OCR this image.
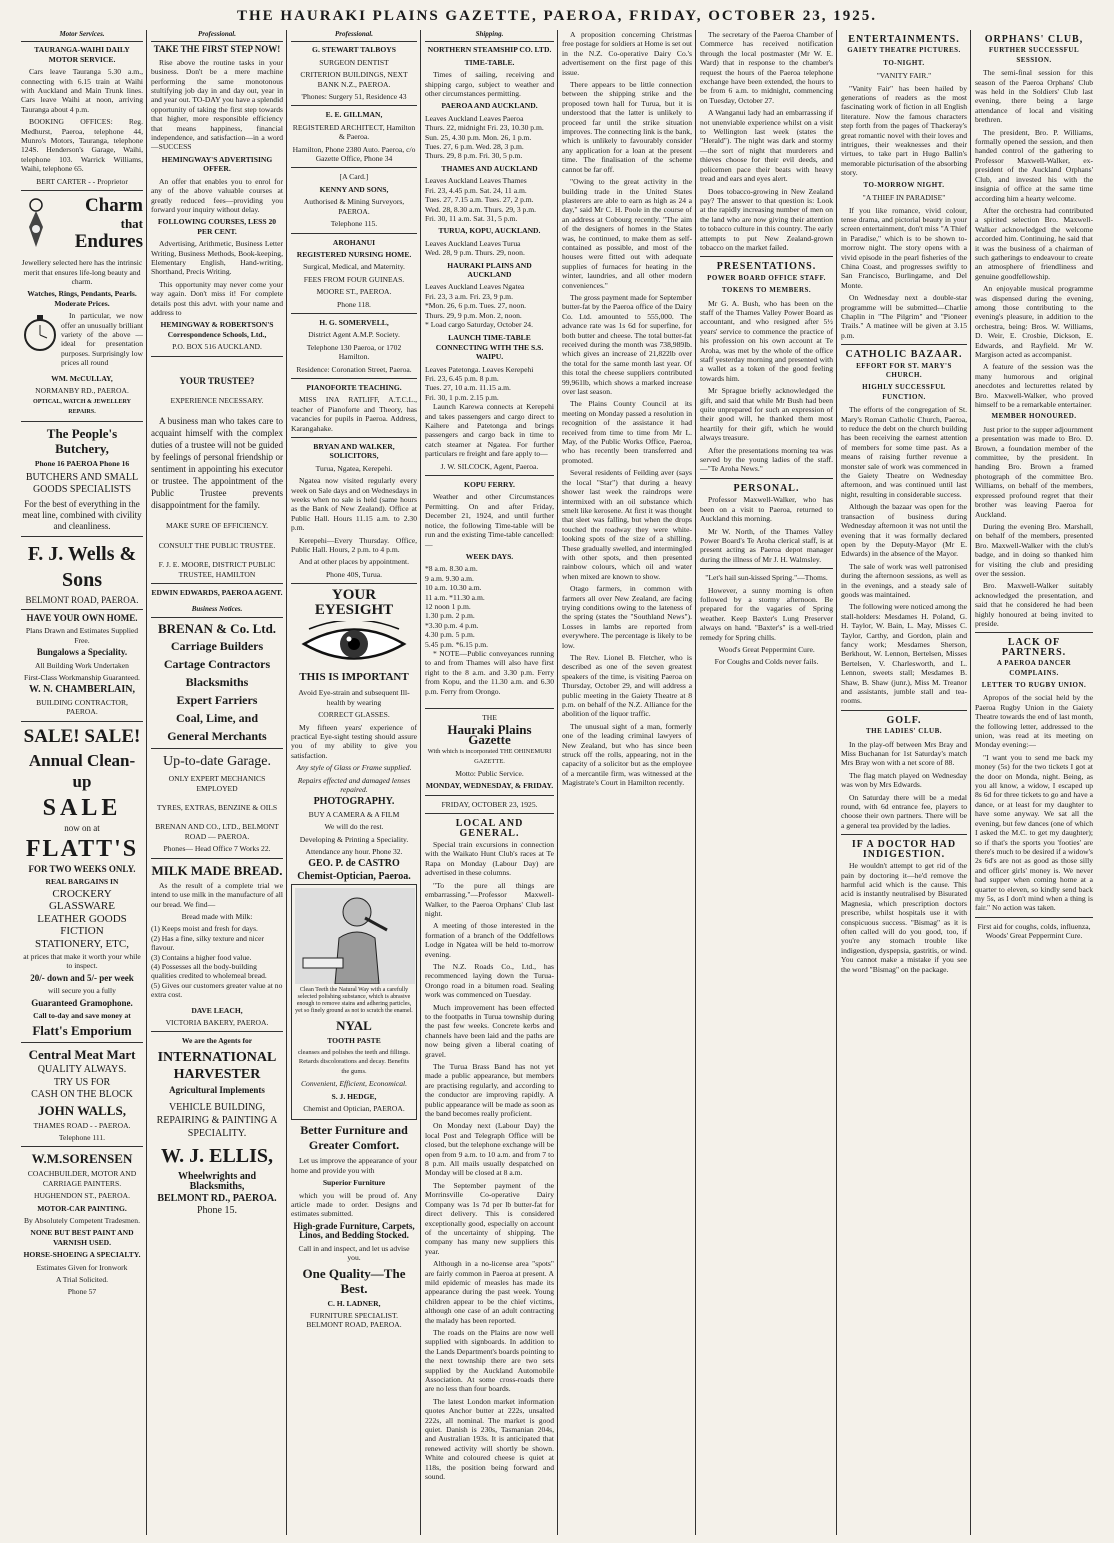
THE HAURAKI PLAINS GAZETTE, PAEROA, FRIDAY, OCTOBER 23, 1925.
Motor Services.
TAURANGA-WAIHI DAILY MOTOR SERVICE.

Cars leave Tauranga 5.30 a.m., connecting with 6.15 train at Waihi with Auckland and Main Trunk lines. Cars leave Waihi at noon, arriving Tauranga about 4 p.m.

BOOKING OFFICES: Reg. Medhurst, Paeroa, telephone 44, Munro's Motors, Tauranga, telephone 124S. Henderson's Garage, Waihi, telephone 103. Warrick Williams, Waihi, telephone 65.

BERT CARTER - - Proprietor
Charm
that
Endures
Jewellery selected here has the intrinsic merit that ensures life-long beauty and charm.
Watches, Rings, Pendants, Pearls. Moderate Prices.

In particular, we now offer an unusually brilliant variety of the above — ideal for presentation purposes. Surprisingly low prices all round

WM. McCULLAY,
NORMANBY RD., PAEROA.
OPTICAL, WATCH & JEWELLERY REPAIRS.
The People's Butchery,
Phone 16 PAEROA Phone 16
BUTCHERS AND SMALL GOODS SPECIALISTS
For the best of everything in the meat line, combined with civility and cleanliness.
F. J. Wells & Sons
BELMONT ROAD, PAEROA.
HAVE YOUR OWN HOME.
Plans Drawn and Estimates Supplied Free.
Bungalows a Speciality.
All Building Work Undertaken
First-Class Workmanship Guaranteed.
W. N. CHAMBERLAIN,
BUILDING CONTRACTOR, PAEROA.
SALE! SALE!
Annual Clean-up
SALE
now on at
FLATT'S
FOR TWO WEEKS ONLY.
REAL BARGAINS IN
CROCKERY
GLASSWARE
LEATHER GOODS
FICTION
STATIONERY, ETC,
at prices that make it worth your while to inspect.
20/- down and 5/- per week
will secure you a fully
Guaranteed Gramophone.
Call to-day and save money at
Flatt's Emporium
Central Meat Mart
QUALITY ALWAYS.
TRY US FOR
CASH ON THE BLOCK
JOHN WALLS,
THAMES ROAD - - PAEROA.
Telephone 111.
W.M.SORENSEN
COACHBUILDER, MOTOR AND CARRIAGE PAINTERS.
HUGHENDON ST., PAEROA.
MOTOR-CAR PAINTING.
By Absolutely Competent Tradesmen.
NONE BUT BEST PAINT AND VARNISH USED.
HORSE-SHOEING A SPECIALTY.
Estimates Given for Ironwork
A Trial Solicited.
Phone 57
Professional.
TAKE THE FIRST STEP NOW!

Rise above the routine tasks in your business. Don't be a mere machine performing the same monotonous stultifying job day in and day out, year in and year out. TO-DAY you have a splendid opportunity of taking the first step towards that higher, more responsible efficiency that means happiness, financial independence, and satisfaction—in a word—SUCCESS

HEMINGWAY'S ADVERTISING OFFER.

An offer that enables you to enrol for any of the above valuable courses at greatly reduced fees—providing you forward your inquiry without delay.

FOLLOWING COURSES, LESS 20 PER CENT.

Advertising, Arithmetic, Business Letter Writing, Business Methods, Book-keeping, Elementary English, Hand-writing, Shorthand, Precis Writing.

This opportunity may never come your way again. Don't miss it! For complete details post this advt. with your name and address to

HEMINGWAY & ROBERTSON'S Correspondence Schools, Ltd.,
P.O. BOX 516 AUCKLAND.
YOUR TRUSTEE?
EXPERIENCE NECESSARY.

A business man who takes care to acquaint himself with the complex duties of a trustee will not be guided by feelings of personal friendship or sentiment in appointing his executor or trustee. The appointment of the Public Trustee prevents disappointment for the family.

MAKE SURE OF EFFICIENCY.
CONSULT THE PUBLIC TRUSTEE.
F. J. E. MOORE, DISTRICT PUBLIC TRUSTEE, HAMILTON
EDWIN EDWARDS, PAEROA AGENT.
Business Notices.
BRENAN & Co. Ltd.
Carriage Builders
Cartage Contractors
Blacksmiths
Expert Farriers
Coal, Lime, and
General Merchants
Up-to-date Garage.
ONLY EXPERT MECHANICS EMPLOYED
TYRES, EXTRAS, BENZINE & OILS
BRENAN AND CO., LTD., BELMONT ROAD — PAEROA.
Phones— Head Office 7 Works 22.
MILK MADE BREAD.

As the result of a complete trial we intend to use milk in the manufacture of all our bread. We find—

Bread made with Milk:
(1) Keeps moist and fresh for days.
(2) Has a fine, silky texture and nicer flavour.
(3) Contains a higher food value.
(4) Possesses all the body-building qualities credited to wholemeal bread.
(5) Gives our customers greater value at no extra cost.
DAVE LEACH,
VICTORIA BAKERY, PAEROA.
We are the Agents for
INTERNATIONAL HARVESTER
Agricultural Implements
VEHICLE BUILDING, REPAIRING & PAINTING A SPECIALITY.
W. J. ELLIS,
Wheelwrights and Blacksmiths,
BELMONT RD., PAEROA.
Phone 15.
Professional.
G. STEWART TALBOYS
SURGEON DENTIST
CRITERION BUILDINGS, NEXT BANK N.Z., PAEROA.
'Phones: Surgery 51, Residence 43
E. E. GILLMAN,
REGISTERED ARCHITECT, Hamilton & Paeroa.
Hamilton, Phone 2380 Auto. Paeroa, c/o Gazette Office, Phone 34
[A Card.]
KENNY AND SONS,
Authorised & Mining Surveyors, PAEROA.
Telephone 115.
AROHANUI
REGISTERED NURSING HOME.
Surgical, Medical, and Maternity.
FEES FROM FOUR GUINEAS.
MOORE ST., PAEROA.
Phone 118.
H. G. SOMERVELL,
District Agent A.M.P. Society.
Telephone 130 Paeroa, or 1702 Hamilton.
Residence: Coronation Street, Paeroa.
PIANOFORTE TEACHING.

MISS INA RATLIFF, A.T.C.L., teacher of Pianoforte and Theory, has vacancies for pupils in Paeroa. Address, Karangahake.

BRYAN AND WALKER, SOLICITORS,
Turua, Ngatea, Kerepehi.

Ngatea now visited regularly every week on Sale days and on Wednesdays in weeks when no sale is held (same hours as the Bank of New Zealand). Office at Public Hall. Hours 11.15 a.m. to 2.30 p.m.

Kerepehi—Every Thursday. Office, Public Hall. Hours, 2 p.m. to 4 p.m.

And at other places by appointment.
Phone 40S, Turua.
YOUR EYESIGHT
THIS IS IMPORTANT
Avoid Eye-strain and subsequent Ill-health by wearing
CORRECT GLASSES.

My fifteen years' experience of practical Eye-sight testing should assure you of my ability to give you satisfaction.

Any style of Glass or Frame supplied.
Repairs effected and damaged lenses repaired.
PHOTOGRAPHY.
BUY A CAMERA & A FILM
We will do the rest.
Developing & Printing a Speciality.
Attendance any hour. Phone 32.
GEO. P. de CASTRO
Chemist-Optician, Paeroa.
Clean Teeth the Natural Way with a carefully selected polishing substance, which is abrasive enough to remove stains and adhering particles, yet so finely ground as not to scratch the enamel.
NYAL
TOOTH PASTE
cleanses and polishes the teeth and fillings. Retards discolorations and decay. Benefits the gums.
Convenient, Efficient, Economical.
S. J. HEDGE,
Chemist and Optician, PAEROA.
Better Furniture and Greater Comfort.

Let us improve the appearance of your home and provide you with

Superior Furniture

which you will be proud of. Any article made to order. Designs and estimates submitted.

High-grade Furniture, Carpets, Linos, and Bedding Stocked.
Call in and inspect, and let us advise you.
One Quality—The Best.
C. H. LADNER,
FURNITURE SPECIALIST. BELMONT ROAD, PAEROA.
Shipping.
NORTHERN STEAMSHIP CO. LTD.
TIME-TABLE.

Times of sailing, receiving and shipping cargo, subject to weather and other circumstances permitting.

PAEROA AND AUCKLAND.
Leaves Auckland Leaves Paeroa
Thurs. 22, midnight Fri. 23, 10.30 p.m.
Sun. 25, 4.30 p.m. Mon. 26, 1 p.m.
Tues. 27, 6 p.m. Wed. 28, 3 p.m.
Thurs. 29, 8 p.m. Fri. 30, 5 p.m.
THAMES AND AUCKLAND
Leaves Auckland Leaves Thames
Fri. 23, 4.45 p.m. Sat. 24, 11 a.m.
Tues. 27, 7.15 a.m. Tues. 27, 2 p.m.
Wed. 28, 8.30 a.m. Thurs. 29, 3 p.m.
Fri. 30, 11 a.m. Sat. 31, 5 p.m.
TURUA, KOPU, AUCKLAND.
Leaves Auckland Leaves Turua
Wed. 28, 9 p.m. Thurs. 29, noon.
HAURAKI PLAINS AND AUCKLAND
Leaves Auckland Leaves Ngatea
Fri. 23, 3 a.m. Fri. 23, 9 p.m.
*Mon. 26, 6 p.m. Tues. 27, noon.
Thurs. 29, 9 p.m. Mon. 2, noon.
* Load cargo Saturday, October 24.
LAUNCH TIME-TABLE CONNECTING WITH THE S.S. WAIPU.
Leaves Patetonga. Leaves Kerepehi
Fri. 23, 6.45 p.m. 8 p.m.
Tues. 27, 10 a.m. 11.15 a.m.
Fri. 30, 1 p.m. 2.15 p.m.

Launch Karewa connects at Kerepehi and takes passengers and cargo direct to Kaihere and Patetonga and brings passengers and cargo back in time to catch steamer at Ngatea. For further particulars re freight and fare apply to—

J. W. SILCOCK, Agent, Paeroa.
KOPU FERRY.

Weather and other Circumstances Permitting. On and after Friday, December 21, 1924, and until further notice, the following Time-table will be run and the existing Time-table cancelled:—

WEEK DAYS.
*8 a.m. 8.30 a.m.
9 a.m. 9.30 a.m.
10 a.m. 10.30 a.m.
11 a.m. *11.30 a.m.
12 noon 1 p.m.
1.30 p.m. 2 p.m.
*3.30 p.m. 4 p.m.
4.30 p.m. 5 p.m.
5.45 p.m. *6.15 p.m.

* NOTE—Public conveyances running to and from Thames will also have first right to the 8 a.m. and 3.30 p.m. Ferry from Kopu, and the 11.30 a.m. and 6.30 p.m. Ferry from Orongo.

THE
Hauraki Plains Gazette
With which is incorporated THE OHINEMURI GAZETTE.
Motto: Public Service.
MONDAY, WEDNESDAY, & FRIDAY.
FRIDAY, OCTOBER 23, 1925.
LOCAL AND GENERAL.

Special train excursions in connection with the Waikato Hunt Club's races at Te Rapa on Monday (Labour Day) are advertised in these columns.

"To the pure all things are embarrassing."—Professor Maxwell-Walker, to the Paeroa Orphans' Club last night.

A meeting of those interested in the formation of a branch of the Oddfellows Lodge in Ngatea will be held to-morrow evening.

The N.Z. Roads Co., Ltd., has recommenced laying down the Turua-Orongo road in a bitumen road. Sealing work was commenced on Tuesday.

Much improvement has been effected to the footpaths in Turua township during the past few weeks. Concrete kerbs and channels have been laid and the paths are now being given a liberal coating of gravel.

The Turua Brass Band has not yet made a public appearance, but members are practising regularly, and according to the conductor are improving rapidly. A public appearance will be made as soon as the band becomes really proficient.

On Monday next (Labour Day) the local Post and Telegraph Office will be closed, but the telephone exchange will be open from 9 a.m. to 10 a.m. and from 7 to 8 p.m. All mails usually despatched on Monday will be closed at 8 a.m.

The September payment of the Morrinsville Co-operative Dairy Company was 1s 7d per lb butter-fat for direct delivery. This is considered exceptionally good, especially on account of the uncertainty of shipping. The company has many new suppliers this year.

Although in a no-license area "spots" are fairly common in Paeroa at present. A mild epidemic of measles has made its appearance during the past week. Young children appear to be the chief victims, although one case of an adult contracting the malady has been reported.

The roads on the Plains are now well supplied with signboards. In addition to the Lands Department's boards pointing to the next township there are two sets supplied by the Auckland Automobile Association. At some cross-roads there are no less than four boards.

The latest London market information quotes Anchor butter at 222s, unsalted 222s, all nominal. The market is good quiet. Danish is 230s, Tasmanian 204s, and Australian 193s. It is anticipated that renewed activity will shortly be shown. White and coloured cheese is quiet at 118s, the position being forward and sound.

A proposition concerning Christmas free postage for soldiers at Home is set out in the N.Z. Co-operative Dairy Co.'s advertisement on the first page of this issue.

There appears to be little connection between the shipping strike and the proposed town hall for Turua, but it is understood that the latter is unlikely to proceed far until the strike situation improves. The connecting link is the bank, which is unlikely to favourably consider any application for a loan at the present time. The finalisation of the scheme cannot be far off.

"Owing to the great activity in the building trade in the United States plasterers are able to earn as high as 24 a day," said Mr C. H. Poole in the course of an address at Cobourg recently. "The aim of the designers of homes in the States was, he continued, to make them as self-contained as possible, and most of the houses were fitted out with adequate supplies of furnaces for heating in the winter, laundries, and all other modern conveniences."

The gross payment made for September butter-fat by the Paeroa office of the Dairy Co. Ltd. amounted to 555,000. The advance rate was 1s 6d for superfine, for both butter and cheese. The total butter-fat received during the month was 738,989lb. which gives an increase of 21,822lb over the total for the same month last year. Of this total the cheese suppliers contributed 99,961lb, which shows a marked increase over last season.

The Plains County Council at its meeting on Monday passed a resolution in recognition of the assistance it had received from time to time from Mr L. May, of the Public Works Office, Paeroa, who has recently been transferred and promoted.

Several residents of Feilding aver (says the local "Star") that during a heavy shower last week the raindrops were intermixed with an oil substance which smelt like kerosene. At first it was thought that sleet was falling, but when the drops touched the roadway they were white-looking spots of the size of a shilling. These gradually swelled, and intermingled with other spots, and then presented rainbow colours, which oil and water when mixed are known to show.

Otago farmers, in common with farmers all over New Zealand, are facing trying conditions owing to the lateness of the spring (states the "Southland News"). Losses in lambs are reported from everywhere. The percentage is likely to be low.

The Rev. Lionel B. Fletcher, who is described as one of the seven greatest speakers of the time, is visiting Paeroa on Thursday, October 29, and will address a public meeting in the Gaiety Theatre at 8 p.m. on behalf of the N.Z. Alliance for the abolition of the liquor traffic.

The unusual sight of a man, formerly one of the leading criminal lawyers of New Zealand, but who has since been struck off the rolls, appearing, not in the capacity of a solicitor but as the employee of a mercantile firm, was witnessed at the Magistrate's Court in Hamilton recently.

The secretary of the Paeroa Chamber of Commerce has received notification through the local postmaster (Mr W. E. Ward) that in response to the chamber's request the hours of the Paeroa telephone exchange have been extended, the hours to be from 6 a.m. to midnight, commencing on Tuesday, October 27.

A Wanganui lady had an embarrassing if not unenviable experience whilst on a visit to Wellington last week (states the "Herald"). The night was dark and stormy—the sort of night that murderers and thieves choose for their evil deeds, and policemen pace their beats with heavy tread and ears and eyes alert.

Does tobacco-growing in New Zealand pay? The answer to that question is: Look at the rapidly increasing number of men on the land who are now giving their attention to tobacco culture in this country. The early attempts to put New Zealand-grown tobacco on the market failed.

PRESENTATIONS.
POWER BOARD OFFICE STAFF.
TOKENS TO MEMBERS.

Mr G. A. Bush, who has been on the staff of the Thames Valley Power Board as accountant, and who resigned after 5½ years' service to commence the practice of his profession on his own account at Te Aroha, was met by the whole of the office staff yesterday morning and presented with a wallet as a token of the good feeling towards him.

Mr Sprague briefly acknowledged the gift, and said that while Mr Bush had been quite unprepared for such an expression of their good will, he thanked them most heartily for their gift, which he would always treasure.

After the presentations morning tea was served by the young ladies of the staff.—"Te Aroha News."

PERSONAL.

Professor Maxwell-Walker, who has been on a visit to Paeroa, returned to Auckland this morning.

Mr W. North, of the Thames Valley Power Board's Te Aroha clerical staff, is at present acting as Paeroa depot manager during the illness of Mr J. H. Walmsley.

"Let's hail sun-kissed Spring."—Thoms.

However, a sunny morning is often followed by a stormy afternoon. Be prepared for the vagaries of Spring weather. Keep Baxter's Lung Preserver always on hand. "Baxter's" is a well-tried remedy for Spring chills.

Wood's Great Peppermint Cure.
For Coughs and Colds never fails.
ENTERTAINMENTS.
GAIETY THEATRE PICTURES.
TO-NIGHT.
"VANITY FAIR."

"Vanity Fair" has been hailed by generations of readers as the most fascinating work of fiction in all English literature. Now the famous characters step forth from the pages of Thackeray's great romantic novel with their loves and intrigues, their weaknesses and their virtues, to take part in Hugo Ballin's memorable picturisation of the absorbing story.

TO-MORROW NIGHT.
"A THIEF IN PARADISE"

If you like romance, vivid colour, tense drama, and pictorial beauty in your screen entertainment, don't miss "A Thief in Paradise," which is to be shown to-morrow night. The story opens with a vivid episode in the pearl fisheries of the China Coast, and progresses swiftly to San Francisco, Burlingame, and Del Monte.

On Wednesday next a double-star programme will be submitted—Charlie Chaplin in "The Pilgrim" and "Pioneer Trails." A matinee will be given at 3.15 p.m.

CATHOLIC BAZAAR.
EFFORT FOR ST. MARY'S CHURCH.
HIGHLY SUCCESSFUL FUNCTION.

The efforts of the congregation of St. Mary's Roman Catholic Church, Paeroa, to reduce the debt on the church building has been receiving the earnest attention of members for some time past. As a means of raising further revenue a monster sale of work was commenced in the Gaiety Theatre on Wednesday afternoon, and was continued until last night, resulting in considerable success.

Although the bazaar was open for the transaction of business during Wednesday afternoon it was not until the evening that it was formally declared open by the Deputy-Mayor (Mr E. Edwards) in the absence of the Mayor.

The sale of work was well patronised during the afternoon sessions, as well as in the evenings, and a steady sale of goods was maintained.

The following were noticed among the stall-holders: Mesdames H. Poland, G. H. Taylor, W. Bain, L. May, Misses C. Taylor, Carthy, and Gordon, plain and fancy work; Mesdames Sherson, Berkhout, W. Lennon, Bertelsen, Misses Bertelsen, V. Charlesworth, and L. Lennon, sweets stall; Mesdames B. Shaw, B. Shaw (junr.), Miss M. Treanor and assistants, jumble stall and tea-rooms.

GOLF.
THE LADIES' CLUB.

In the play-off between Mrs Bray and Miss Buchanan for 1st Saturday's match Mrs Bray won with a net score of 88.

The flag match played on Wednesday was won by Mrs Edwards.

On Saturday there will be a medal round, with 6d entrance fee, players to choose their own partners. There will be a general tea provided by the ladies.

IF A DOCTOR HAD INDIGESTION.

He wouldn't attempt to get rid of the pain by doctoring it—he'd remove the harmful acid which is the cause. This acid is instantly neutralised by Bisurated Magnesia, which prescription doctors prescribe, whilst hospitals use it with conspicuous success. "Bismag" as it is often called will do you good, too, if you're any stomach trouble like indigestion, dyspepsia, gastritis, or wind. You cannot make a mistake if you see the word "Bismag" on the package.

ORPHANS' CLUB,
FURTHER SUCCESSFUL SESSION.

The semi-final session for this season of the Paeroa Orphans' Club was held in the Soldiers' Club last evening, there being a large attendance of local and visiting brethren.

The president, Bro. P. Williams, formally opened the session, and then handed control of the gathering to Professor Maxwell-Walker, ex-president of the Auckland Orphans' Club, and invested his with the insignia of office at the same time according him a hearty welcome.

After the orchestra had contributed a spirited selection Bro. Maxwell-Walker acknowledged the welcome accorded him. Continuing, he said that it was the business of a chairman of such gatherings to endeavour to create an atmosphere of friendliness and genuine goodfellowship.

An enjoyable musical programme was dispensed during the evening, among those contributing to the evening's pleasure, in addition to the orchestra, being: Bros. W. Williams, D. Weir, E. Crosbie, Dickson, E. Edwards, and Rayfield. Mr W. Margison acted as accompanist.

A feature of the session was the many humorous and original anecdotes and lecturettes related by Bro. Maxwell-Walker, who proved himself to be a remarkable entertainer.

MEMBER HONOURED.

Just prior to the supper adjournment a presentation was made to Bro. D. Brown, a foundation member of the committee, by the president. In handing Bro. Brown a framed photograph of the committee Bro. Williams, on behalf of the members, expressed profound regret that their brother was leaving Paeroa for Auckland.

During the evening Bro. Marshall, on behalf of the members, presented Bro. Maxwell-Walker with the club's badge, and in doing so thanked him for visiting the club and presiding over the session.

Bro. Maxwell-Walker suitably acknowledged the presentation, and said that he considered he had been highly honoured at being invited to preside.

LACK OF PARTNERS.
A PAEROA DANCER COMPLAINS.
LETTER TO RUGBY UNION.

Apropos of the social held by the Paeroa Rugby Union in the Gaiety Theatre towards the end of last month, the following letter, addressed to the union, was read at its meeting on Monday evening:—

"I want you to send me back my money (5s) for the two tickets I got at the door on Monda, night. Being, as you all know, a widow, I escaped up 8s 6d for three tickets to go and have a dance, or at least for my daughter to have some anyway. We sat all the evening, but few dances (one of which I asked the M.C. to get my daughter); so if that's the sports you 'footies' are there's much to be desired if a widow's 2s 6d's are not as good as those silly and officer girls' money is. We never had supper when coming home at a quarter to eleven, so kindly send back my 5s, as I don't mind when a thing is fair." No action was taken.

First aid for coughs, colds, influenza, Woods' Great Peppermint Cure.
